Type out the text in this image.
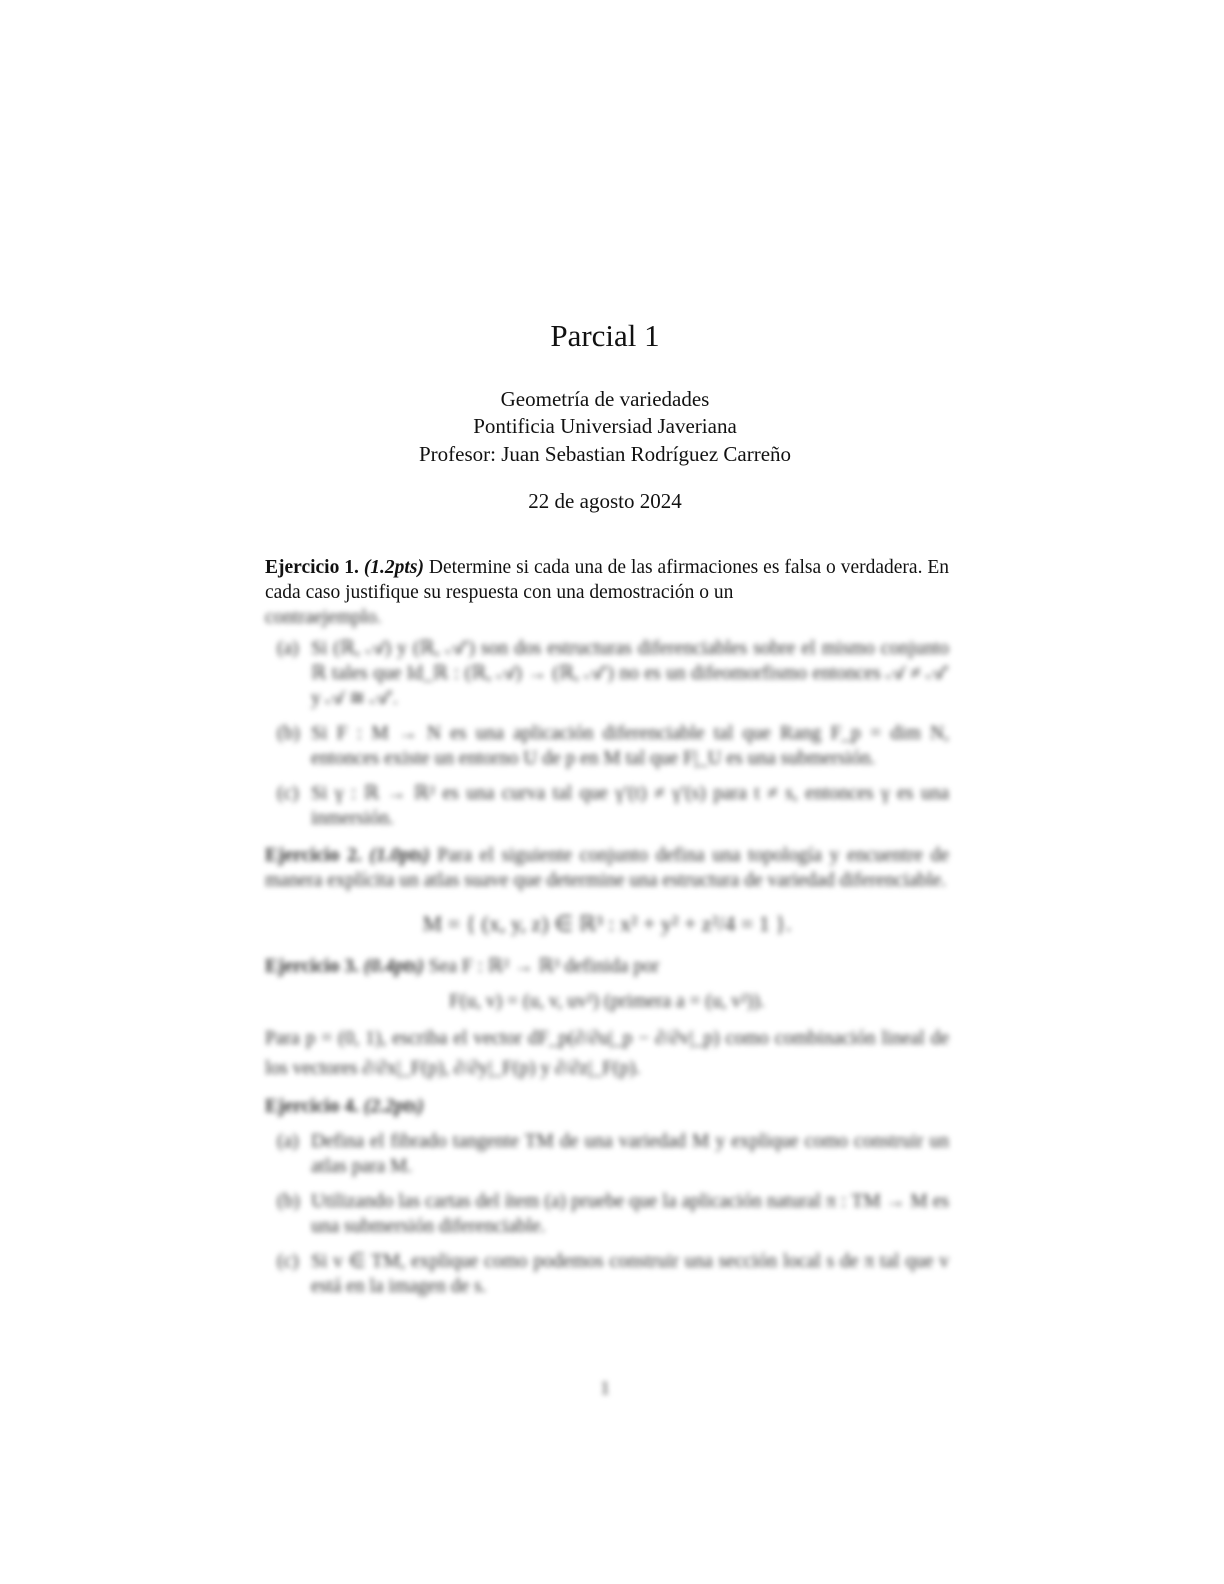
Parcial 1
Geometría de variedades
Pontificia Universiad Javeriana
Profesor: Juan Sebastian Rodríguez Carreño
22 de agosto 2024
Ejercicio 1. (1.2pts) Determine si cada una de las afirmaciones es falsa o verdadera. En cada caso justifique su respuesta con una demostración o un
contraejemplo.
(a) Si (ℝ, 𝒜) y (ℝ, 𝒜′) son dos estructuras diferenciables sobre el mismo conjunto ℝ tales que Id_ℝ : (ℝ, 𝒜) → (ℝ, 𝒜′) no es un difeomorfismo entonces 𝒜 ≠ 𝒜′ y 𝒜 ≅ 𝒜′.
(b) Si F : M → N es una aplicación diferenciable tal que Rang F_p = dim N, entonces existe un entorno U de p en M tal que F|_U es una submersión.
(c) Si γ : ℝ → ℝ² es una curva tal que γ′(t) ≠ γ′(s) para t ≠ s, entonces γ es una inmersión.
Ejercicio 2. (1.0pts) Para el siguiente conjunto defina una topología y encuentre de manera explícita un atlas suave que determine una estructura de variedad diferenciable.
M = { (x, y, z) ∈ ℝ³ : x² + y² + z²/4 = 1 }.
Ejercicio 3. (0.4pts) Sea F : ℝ² → ℝ³ definida por
F(u, v) = (u, v, uv²) (primera a = (u, v²)).
Para p = (0, 1), escriba el vector dF_p(∂/∂u|_p − ∂/∂v|_p) como combinación lineal de los vectores ∂/∂x|_F(p), ∂/∂y|_F(p) y ∂/∂z|_F(p).
Ejercicio 4. (2.2pts)
(a) Defina el fibrado tangente TM de una variedad M y explique como construir un atlas para M.
(b) Utilizando las cartas del ítem (a) pruebe que la aplicación natural π : TM → M es una submersión diferenciable.
(c) Si v ∈ TM, explique como podemos construir una sección local s de π tal que v está en la imagen de s.
1
